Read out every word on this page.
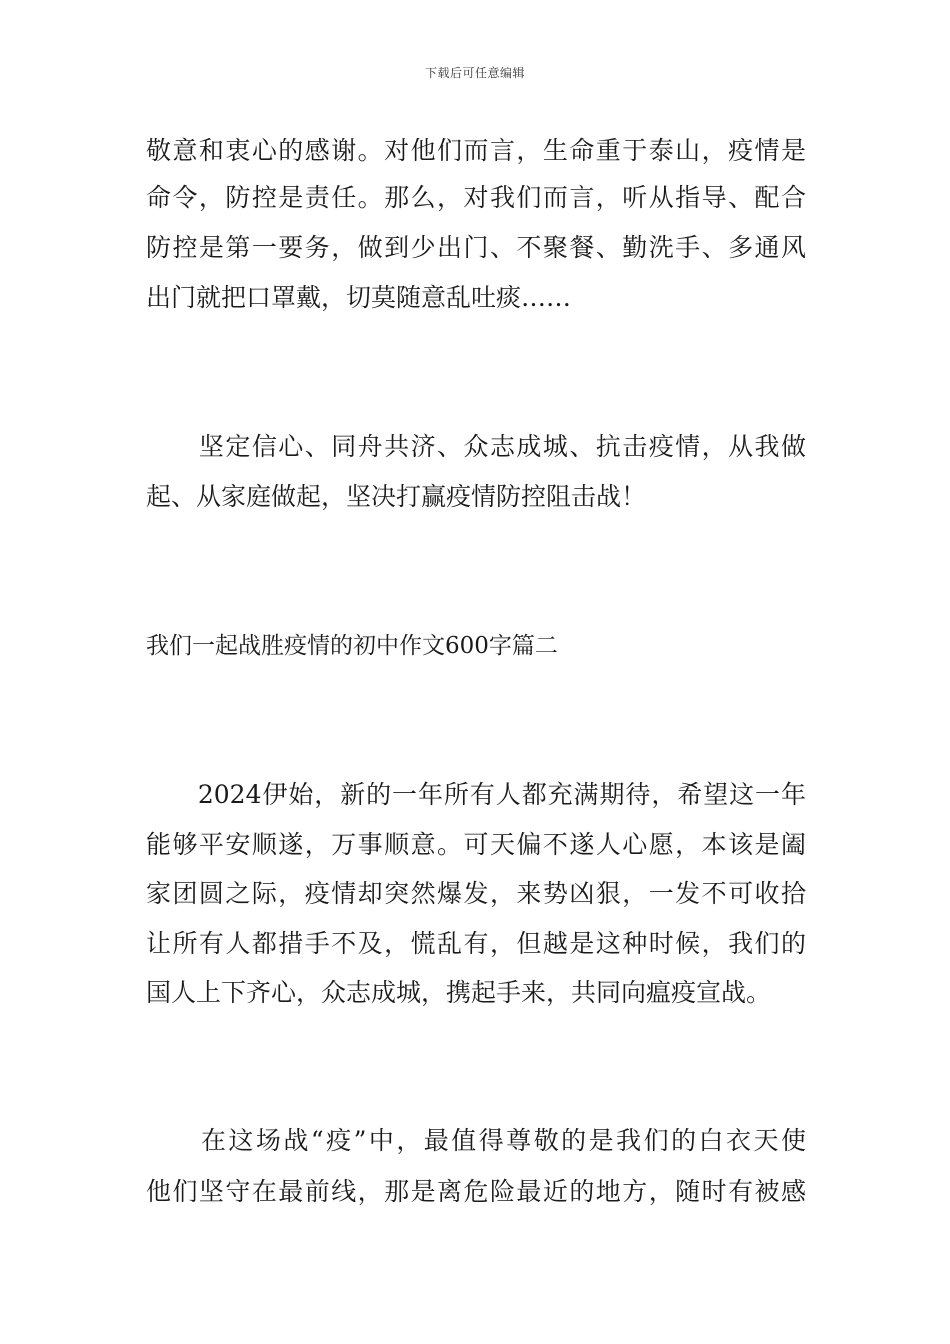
下载后可任意编辑
敬意和衷心的感谢。对他们而言，生命重于泰山，疫情是
命令，防控是责任。那么，对我们而言，听从指导、配合
防控是第一要务，做到少出门、不聚餐、勤洗手、多通风
出门就把口罩戴，切莫随意乱吐痰……
　　坚定信心、同舟共济、众志成城、抗击疫情，从我做
起、从家庭做起，坚决打赢疫情防控阻击战！
我们一起战胜疫情的初中作文600字篇二
　　2024伊始，新的一年所有人都充满期待，希望这一年
能够平安顺遂，万事顺意。可天偏不遂人心愿，本该是阖
家团圆之际，疫情却突然爆发，来势凶狠，一发不可收拾
让所有人都措手不及，慌乱有，但越是这种时候，我们的
国人上下齐心，众志成城，携起手来，共同向瘟疫宣战。
　　在这场战“疫”中，最值得尊敬的是我们的白衣天使
他们坚守在最前线，那是离危险最近的地方，随时有被感
